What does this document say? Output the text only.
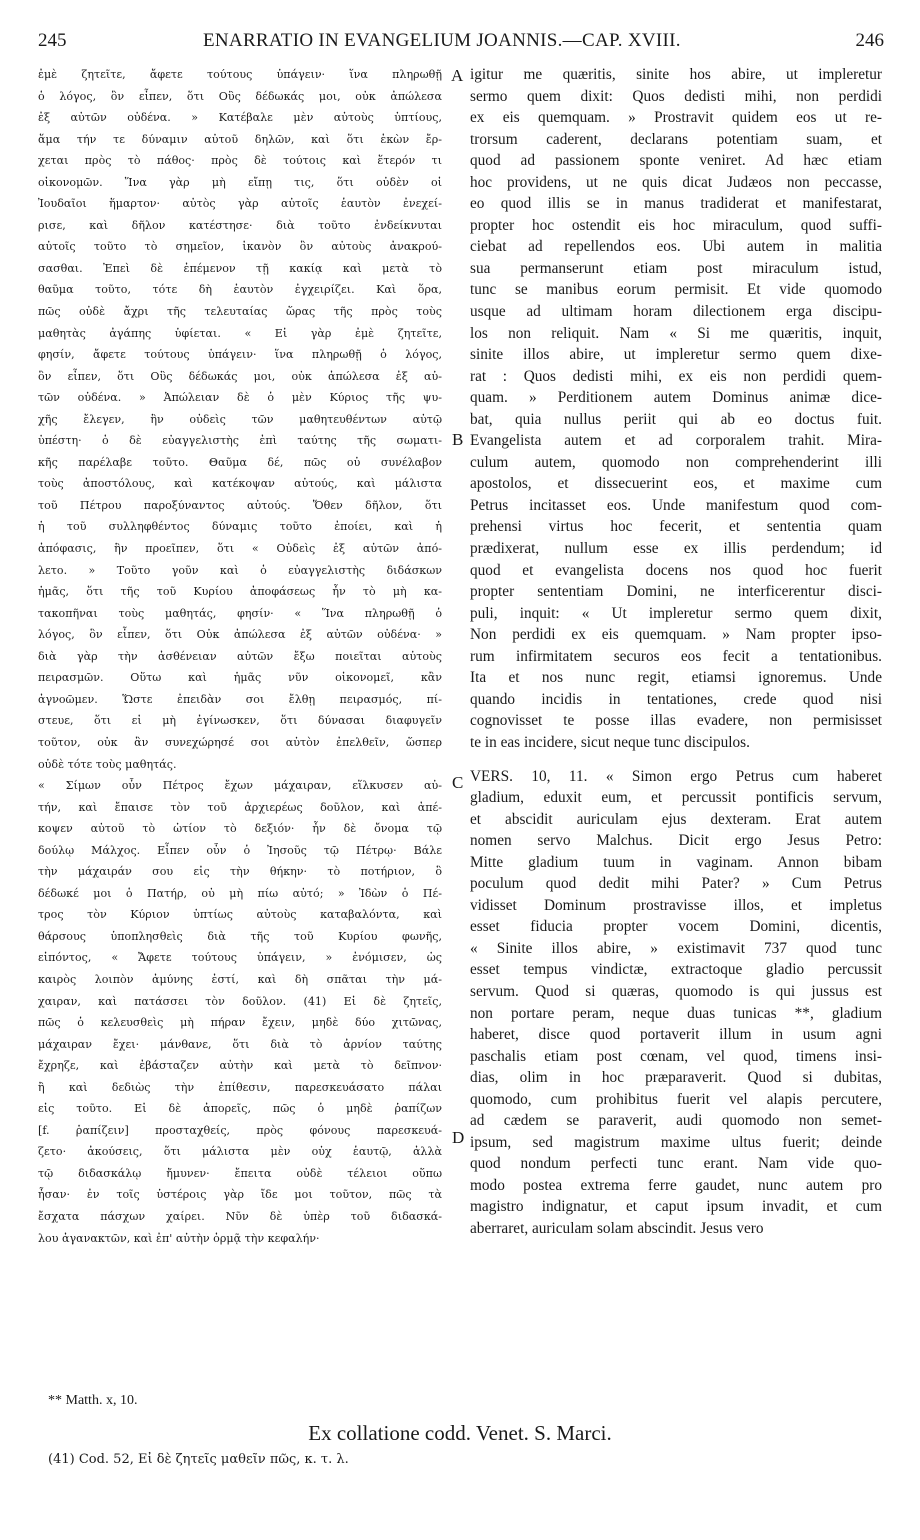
245	ENARRATIO IN EVANGELIUM JOANNIS.—CAP. XVIII.	246
ἐμὲ ζητεῖτε, ἄφετε τούτους ὑπάγειν· ἵνα πληρωθῇ
ὁ λόγος, ὃν εἶπεν, ὅτι Οὓς δέδωκάς μοι, οὐκ ἀπώλεσα
ἐξ αὐτῶν οὐδένα. » Κατέβαλε μὲν αὐτοὺς ὑπτίους,
ἅμα τήν τε δύναμιν αὐτοῦ δηλῶν, καὶ ὅτι ἑκὼν ἔρ-
χεται πρὸς τὸ πάθος· πρὸς δὲ τούτοις καὶ ἕτερόν τι
οἰκονομῶν. Ἵνα γὰρ μὴ εἴπῃ τις, ὅτι οὐδὲν οἱ
Ἰουδαῖοι ἥμαρτον· αὐτὸς γὰρ αὐτοῖς ἑαυτὸν ἐνεχεί-
ρισε, καὶ δῆλον κατέστησε· διὰ τοῦτο ἐνδείκνυται
αὐτοῖς τοῦτο τὸ σημεῖον, ἱκανὸν ὂν αὐτοὺς ἀνακρού-
σασθαι. Ἐπεὶ δὲ ἐπέμενον τῇ κακίᾳ καὶ μετὰ τὸ
θαῦμα τοῦτο, τότε δὴ ἑαυτὸν ἐγχειρίζει. Καὶ ὅρα,
πῶς οὐδὲ ἄχρι τῆς τελευταίας ὥρας τῆς πρὸς τοὺς
μαθητὰς ἀγάπης ὑφίεται. « Εἰ γὰρ ἐμὲ ζητεῖτε,
φησίν, ἄφετε τούτους ὑπάγειν· ἵνα πληρωθῇ ὁ λόγος,
ὃν εἶπεν, ὅτι Οὓς δέδωκάς μοι, οὐκ ἀπώλεσα ἐξ αὐ-
τῶν οὐδένα. » Ἀπώλειαν δὲ ὁ μὲν Κύριος τῆς ψυ-
χῆς ἔλεγεν, ἣν οὐδεὶς τῶν μαθητευθέντων αὐτῷ
ὑπέστη· ὁ δὲ εὐαγγελιστὴς ἐπὶ ταύτης τῆς σωματι-
κῆς παρέλαβε τοῦτο. Θαῦμα δέ, πῶς οὐ συνέλαβον
τοὺς ἀποστόλους, καὶ κατέκοψαν αὐτούς, καὶ μάλιστα
τοῦ Πέτρου παροξύναντος αὐτούς. Ὅθεν δῆλον, ὅτι
ἡ τοῦ συλληφθέντος δύναμις τοῦτο ἐποίει, καὶ ἡ
ἀπόφασις, ἣν προεῖπεν, ὅτι « Οὐδεὶς ἐξ αὐτῶν ἀπό-
λετο. » Τοῦτο γοῦν καὶ ὁ εὐαγγελιστὴς διδάσκων
ἡμᾶς, ὅτι τῆς τοῦ Κυρίου ἀποφάσεως ἦν τὸ μὴ κα-
τακοπῆναι τοὺς μαθητάς, φησίν· « Ἵνα πληρωθῇ ὁ
λόγος, ὃν εἶπεν, ὅτι Οὐκ ἀπώλεσα ἐξ αὐτῶν οὐδένα· »
διὰ γὰρ τὴν ἀσθένειαν αὐτῶν ἔξω ποιεῖται αὐτοὺς
πειρασμῶν. Οὕτω καὶ ἡμᾶς νῦν οἰκονομεῖ, κἂν
ἀγνοῶμεν. Ὥστε ἐπειδὰν σοι ἔλθῃ πειρασμός, πί-
στευε, ὅτι εἰ μὴ ἐγίνωσκεν, ὅτι δύνασαι διαφυγεῖν
τοῦτον, οὐκ ἂν συνεχώρησέ σοι αὐτὸν ἐπελθεῖν, ὥσπερ
οὐδὲ τότε τοὺς μαθητάς.
« Σίμων οὖν Πέτρος ἔχων μάχαιραν, εἵλκυσεν αὐ-
τήν, καὶ ἔπαισε τὸν τοῦ ἀρχιερέως δοῦλον, καὶ ἀπέ-
κοψεν αὐτοῦ τὸ ὠτίον τὸ δεξιόν· ἦν δὲ ὄνομα τῷ
δούλῳ Μάλχος. Εἶπεν οὖν ὁ Ἰησοῦς τῷ Πέτρῳ· Βάλε
τὴν μάχαιράν σου εἰς τὴν θήκην· τὸ ποτήριον, ὃ
δέδωκέ μοι ὁ Πατήρ, οὐ μὴ πίω αὐτό; » Ἰδὼν ὁ Πέ-
τρος τὸν Κύριον ὑπτίως αὐτοὺς καταβαλόντα, καὶ
θάρσους ὑποπλησθεὶς διὰ τῆς τοῦ Κυρίου φωνῆς,
εἰπόντος, « Ἄφετε τούτους ὑπάγειν, » ἐνόμισεν, ὡς
καιρὸς λοιπὸν ἀμύνης ἐστί, καὶ δὴ σπᾶται τὴν μά-
χαιραν, καὶ πατάσσει τὸν δοῦλον. (41) Εἰ δὲ ζητεῖς,
πῶς ὁ κελευσθεὶς μὴ πήραν ἔχειν, μηδὲ δύο χιτῶνας,
μάχαιραν ἔχει· μάνθανε, ὅτι διὰ τὸ ἀρνίον ταύτης
ἔχρηζε, καὶ ἐβάσταζεν αὐτὴν καὶ μετὰ τὸ δεῖπνον·
ἢ καὶ δεδιὼς τὴν ἐπίθεσιν, παρεσκευάσατο πάλαι
εἰς τοῦτο. Εἰ δὲ ἀπορεῖς, πῶς ὁ μηδὲ ῥαπίζων
[f. ῥαπίζειν] προσταχθείς, πρὸς φόνους παρεσκευά-
ζετο· ἀκούσεις, ὅτι μάλιστα μὲν οὐχ ἑαυτῷ, ἀλλὰ
τῷ διδασκάλῳ ἤμυνεν· ἔπειτα οὐδὲ τέλειοι οὕπω
ἦσαν· ἐν τοῖς ὑστέροις γὰρ ἴδε μοι τοῦτον, πῶς τὰ
ἔσχατα πάσχων χαίρει. Νῦν δὲ ὑπὲρ τοῦ διδασκά-
λου ἀγανακτῶν, καὶ ἐπ' αὐτὴν ὁρμᾷ τὴν κεφαλήν·
A
B
C
D
igitur me quæritis, sinite hos abire, ut impleretur
sermo quem dixit: Quos dedisti mihi, non perdidi
ex eis quemquam. » Prostravit quidem eos ut re-
trorsum caderent, declarans potentiam suam, et
quod ad passionem sponte veniret. Ad hæc etiam
hoc providens, ut ne quis dicat Judæos non peccasse,
eo quod illis se in manus tradiderat et manifestarat,
propter hoc ostendit eis hoc miraculum, quod suffi-
ciebat ad repellendos eos. Ubi autem in malitia
sua permanserunt etiam post miraculum istud,
tunc se manibus eorum permisit. Et vide quomodo
usque ad ultimam horam dilectionem erga discipu-
los non reliquit. Nam « Si me quæritis, inquit,
sinite illos abire, ut impleretur sermo quem dixe-
rat : Quos dedisti mihi, ex eis non perdidi quem-
quam. » Perditionem autem Dominus animæ dice-
bat, quia nullus periit qui ab eo doctus fuit.
Evangelista autem et ad corporalem trahit. Mira-
culum autem, quomodo non comprehenderint illi
apostolos, et dissecuerint eos, et maxime cum
Petrus incitasset eos. Unde manifestum quod com-
prehensi virtus hoc fecerit, et sententia quam
prædixerat, nullum esse ex illis perdendum; id
quod et evangelista docens nos quod hoc fuerit
propter sententiam Domini, ne interficerentur disci-
puli, inquit: « Ut impleretur sermo quem dixit,
Non perdidi ex eis quemquam. » Nam propter ipso-
rum infirmitatem securos eos fecit a tentationibus.
Ita et nos nunc regit, etiamsi ignoremus. Unde
quando incidis in tentationes, crede quod nisi
cognovisset te posse illas evadere, non permisisset
te in eas incidere, sicut neque tunc discipulos.
VERS. 10, 11. « Simon ergo Petrus cum haberet
gladium, eduxit eum, et percussit pontificis servum,
et abscidit auriculam ejus dexteram. Erat autem
nomen servo Malchus. Dicit ergo Jesus Petro:
Mitte gladium tuum in vaginam. Annon bibam
poculum quod dedit mihi Pater? » Cum Petrus
vidisset Dominum prostravisse illos, et impletus
esset fiducia propter vocem Domini, dicentis,
« Sinite illos abire, » existimavit 737 quod tunc
esset tempus vindictæ, extractoque gladio percussit
servum. Quod si quæras, quomodo is qui jussus est
non portare peram, neque duas tunicas **, gladium
haberet, disce quod portaverit illum in usum agni
paschalis etiam post cœnam, vel quod, timens insi-
dias, olim in hoc præparaverit. Quod si dubitas,
quomodo, cum prohibitus fuerit vel alapis percutere,
ad cædem se paraverit, audi quomodo non semet-
ipsum, sed magistrum maxime ultus fuerit; deinde
quod nondum perfecti tunc erant. Nam vide quo-
modo postea extrema ferre gaudet, nunc autem pro
magistro indignatur, et caput ipsum invadit, et cum
aberraret, auriculam solam abscindit. Jesus vero
** Matth. x, 10.
Ex collatione codd. Venet. S. Marci.
(41) Cod. 52, Εἰ δὲ ζητεῖς μαθεῖν πῶς, κ. τ. λ.
